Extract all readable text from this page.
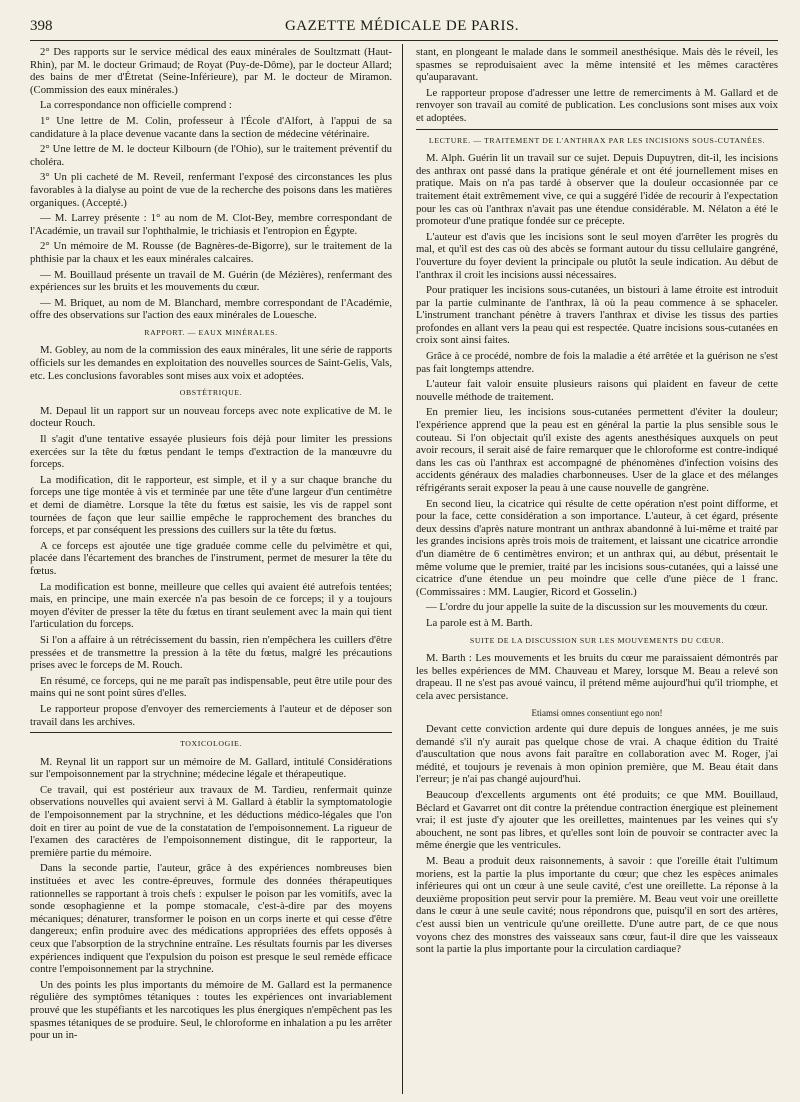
398	GAZETTE MÉDICALE DE PARIS.

2° Des rapports sur le service médical des eaux minérales de Soultzmatt (Haut-Rhin), par M. le docteur Grimaud; de Royat (Puy-de-Dôme), par le docteur Allard; des bains de mer d'Étretat (Seine-Inférieure), par M. le docteur de Miramon. (Commission des eaux minérales.)

La correspondance non officielle comprend :

1° Une lettre de M. Colin, professeur à l'École d'Alfort, à l'appui de sa candidature à la place devenue vacante dans la section de médecine vétérinaire.

2° Une lettre de M. le docteur Kilbourn (de l'Ohio), sur le traitement préventif du choléra.

3° Un pli cacheté de M. Reveil, renfermant l'exposé des circonstances les plus favorables à la dialyse au point de vue de la recherche des poisons dans les matières organiques. (Accepté.)

— M. Larrey présente : 1° au nom de M. Clot-Bey, membre correspondant de l'Académie, un travail sur l'ophthalmie, le trichiasis et l'entropion en Égypte.

2° Un mémoire de M. Rousse (de Bagnères-de-Bigorre), sur le traitement de la phthisie par la chaux et les eaux minérales calcaires.

— M. Bouillaud présente un travail de M. Guérin (de Mézières), renfermant des expériences sur les bruits et les mouvements du cœur.

— M. Briquet, au nom de M. Blanchard, membre correspondant de l'Académie, offre des observations sur l'action des eaux minérales de Louesche.

RAPPORT. — EAUX MINÉRALES.

M. Gobley, au nom de la commission des eaux minérales, lit une série de rapports officiels sur les demandes en exploitation des nouvelles sources de Saint-Gelis, Vals, etc. Les conclusions favorables sont mises aux voix et adoptées.

OBSTÉTRIQUE.

M. Depaul lit un rapport sur un nouveau forceps avec note explicative de M. le docteur Rouch.

Il s'agit d'une tentative essayée plusieurs fois déjà pour limiter les pressions exercées sur la tête du fœtus pendant le temps d'extraction de la manœuvre du forceps.

La modification, dit le rapporteur, est simple, et il y a sur chaque branche du forceps une tige montée à vis et terminée par une tête d'une largeur d'un centimètre et demi de diamètre. Lorsque la tête du fœtus est saisie, les vis de rappel sont tournées de façon que leur saillie empêche le rapprochement des branches du forceps, et par conséquent les pressions des cuillers sur la tête du fœtus.

A ce forceps est ajoutée une tige graduée comme celle du pelvimètre et qui, placée dans l'écartement des branches de l'instrument, permet de mesurer la tête du fœtus.

La modification est bonne, meilleure que celles qui avaient été autrefois tentées; mais, en principe, une main exercée n'a pas besoin de ce forceps; il y a toujours moyen d'éviter de presser la tête du fœtus en tirant seulement avec la main qui tient l'articulation du forceps.

Si l'on a affaire à un rétrécissement du bassin, rien n'empêchera les cuillers d'être pressées et de transmettre la pression à la tête du fœtus, malgré les précautions prises avec le forceps de M. Rouch.

En résumé, ce forceps, qui ne me paraît pas indispensable, peut être utile pour des mains qui ne sont point sûres d'elles.

Le rapporteur propose d'envoyer des remerciements à l'auteur et de déposer son travail dans les archives.

TOXICOLOGIE.

M. Reynal lit un rapport sur un mémoire de M. Gallard, intitulé Considérations sur l'empoisonnement par la strychnine; médecine légale et thérapeutique.

Ce travail, qui est postérieur aux travaux de M. Tardieu, renfermait quinze observations nouvelles qui avaient servi à M. Gallard à établir la symptomatologie de l'empoisonnement par la strychnine, et les déductions médico-légales que l'on doit en tirer au point de vue de la constatation de l'empoisonnement. La rigueur de l'examen des caractères de l'empoisonnement distingue, dit le rapporteur, la première partie du mémoire.

Dans la seconde partie, l'auteur, grâce à des expériences nombreuses bien instituées et avec les contre-épreuves, formule des données thérapeutiques rationnelles se rapportant à trois chefs : expulser le poison par les vomitifs, avec la sonde œsophagienne et la pompe stomacale, c'est-à-dire par des moyens mécaniques; dénaturer, transformer le poison en un corps inerte et qui cesse d'être dangereux; enfin produire avec des médications appropriées des effets opposés à ceux que l'absorption de la strychnine entraîne. Les résultats fournis par les diverses expériences indiquent que l'expulsion du poison est presque le seul remède efficace contre l'empoisonnement par la strychnine.

Un des points les plus importants du mémoire de M. Gallard est la permanence régulière des symptômes tétaniques : toutes les expériences ont invariablement prouvé que les stupéfiants et les narcotiques les plus énergiques n'empêchent pas les spasmes tétaniques de se produire. Seul, le chloroforme en inhalation a pu les arrêter pour un in-

stant, en plongeant le malade dans le sommeil anesthésique. Mais dès le réveil, les spasmes se reproduisaient avec la même intensité et les mêmes caractères qu'auparavant.

Le rapporteur propose d'adresser une lettre de remerciments à M. Gallard et de renvoyer son travail au comité de publication. Les conclusions sont mises aux voix et adoptées.

LECTURE. — TRAITEMENT DE L'ANTHRAX PAR LES INCISIONS SOUS-CUTANÉES.

M. Alph. Guérin lit un travail sur ce sujet. Depuis Dupuytren, dit-il, les incisions des anthrax ont passé dans la pratique générale et ont été journellement mises en pratique. Mais on n'a pas tardé à observer que la douleur occasionnée par ce traitement était extrêmement vive, ce qui a suggéré l'idée de recourir à l'expectation pour les cas où l'anthrax n'avait pas une étendue considérable. M. Nélaton a été le promoteur d'une pratique fondée sur ce précepte.

L'auteur est d'avis que les incisions sont le seul moyen d'arrêter les progrès du mal, et qu'il est des cas où des abcès se formant autour du tissu cellulaire gangréné, l'ouverture du foyer devient la principale ou plutôt la seule indication. Au début de l'anthrax il croit les incisions aussi nécessaires.

Pour pratiquer les incisions sous-cutanées, un bistouri à lame étroite est introduit par la partie culminante de l'anthrax, là où la peau commence à se sphaceler. L'instrument tranchant pénètre à travers l'anthrax et divise les tissus des parties profondes en allant vers la peau qui est respectée. Quatre incisions sous-cutanées en croix sont ainsi faites.

Grâce à ce procédé, nombre de fois la maladie a été arrêtée et la guérison ne s'est pas fait longtemps attendre.

L'auteur fait valoir ensuite plusieurs raisons qui plaident en faveur de cette nouvelle méthode de traitement.

En premier lieu, les incisions sous-cutanées permettent d'éviter la douleur; l'expérience apprend que la peau est en général la partie la plus sensible sous le couteau. Si l'on objectait qu'il existe des agents anesthésiques auxquels on peut avoir recours, il serait aisé de faire remarquer que le chloroforme est contre-indiqué dans les cas où l'anthrax est accompagné de phénomènes d'infection voisins des accidents généraux des maladies charbonneuses. User de la glace et des mélanges réfrigérants serait exposer la peau à une cause nouvelle de gangrène.

En second lieu, la cicatrice qui résulte de cette opération n'est point difforme, et pour la face, cette considération a son importance. L'auteur, à cet égard, présente deux dessins d'après nature montrant un anthrax abandonné à lui-même et traité par les grandes incisions après trois mois de traitement, et laissant une cicatrice arrondie d'un diamètre de 6 centimètres environ; et un anthrax qui, au début, présentait le même volume que le premier, traité par les incisions sous-cutanées, qui a laissé une cicatrice d'une étendue un peu moindre que celle d'une pièce de 1 franc. (Commissaires : MM. Laugier, Ricord et Gosselin.)

— L'ordre du jour appelle la suite de la discussion sur les mouvements du cœur.

La parole est à M. Barth.

SUITE DE LA DISCUSSION SUR LES MOUVEMENTS DU CŒUR.

M. Barth : Les mouvements et les bruits du cœur me paraissaient démontrés par les belles expériences de MM. Chauveau et Marey, lorsque M. Beau a relevé son drapeau. Il ne s'est pas avoué vaincu, il prétend même aujourd'hui qu'il triomphe, et cela avec persistance.

Etiamsi omnes consentiunt ego non!

Devant cette conviction ardente qui dure depuis de longues années, je me suis demandé s'il n'y aurait pas quelque chose de vrai. A chaque édition du Traité d'auscultation que nous avons fait paraître en collaboration avec M. Roger, j'ai médité, et toujours je revenais à mon opinion première, que M. Beau était dans l'erreur; je n'ai pas changé aujourd'hui.

Beaucoup d'excellents arguments ont été produits; ce que MM. Bouillaud, Béclard et Gavarret ont dit contre la prétendue contraction énergique est pleinement vrai; il est juste d'y ajouter que les oreillettes, maintenues par les veines qui s'y abouchent, ne sont pas libres, et qu'elles sont loin de pouvoir se contracter avec la même énergie que les ventricules.

M. Beau a produit deux raisonnements, à savoir : que l'oreille était l'ultimum moriens, est la partie la plus importante du cœur; que chez les espèces animales inférieures qui ont un cœur à une seule cavité, c'est une oreillette. La réponse à la deuxième proposition peut servir pour la première. M. Beau veut voir une oreillette dans le cœur à une seule cavité; nous répondrons que, puisqu'il en sort des artères, c'est aussi bien un ventricule qu'une oreillette. D'une autre part, de ce que nous voyons chez des monstres des vaisseaux sans cœur, faut-il dire que les vaisseaux sont la partie la plus importante pour la circulation cardiaque?
